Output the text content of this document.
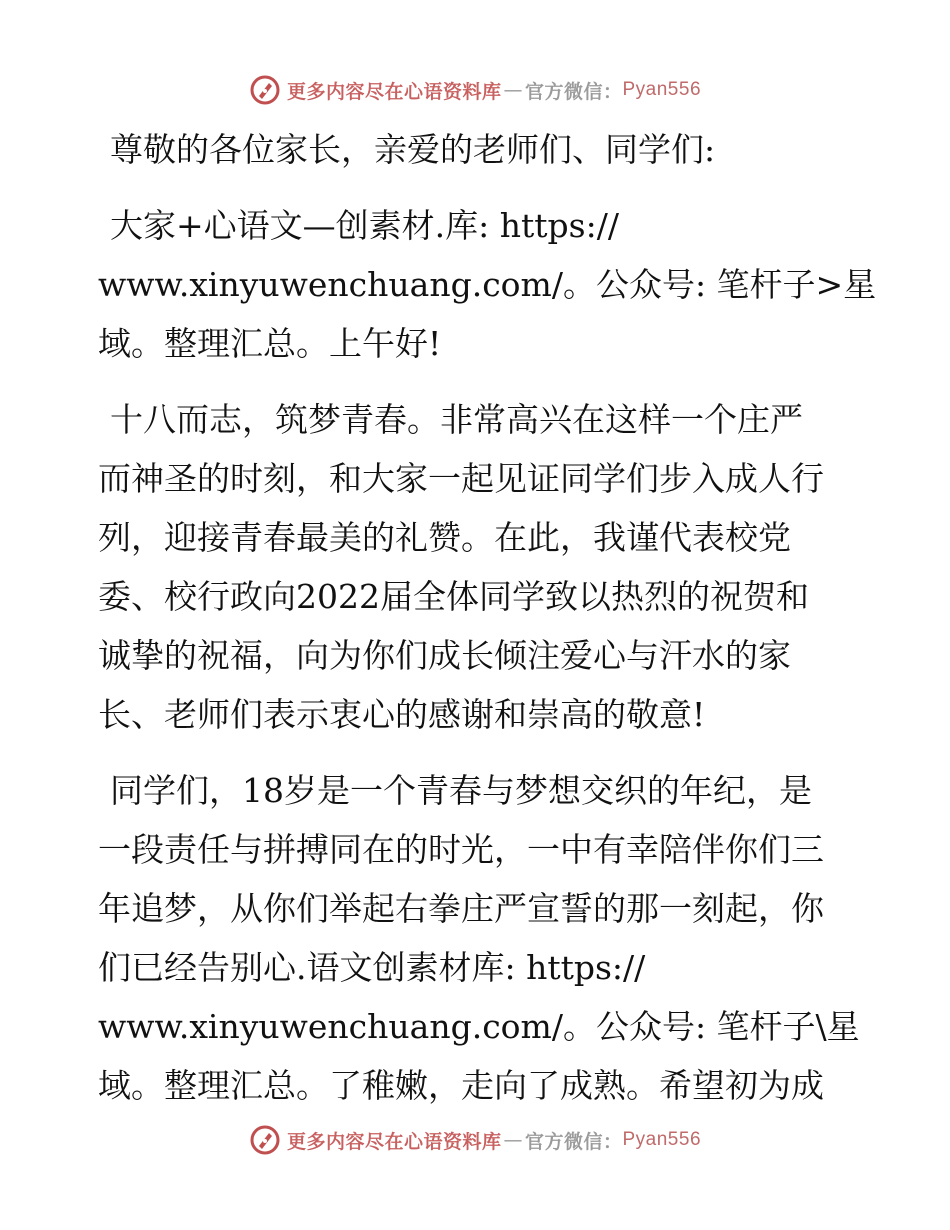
更多内容尽在心语资料库 — 官方微信： Pyan556
尊敬的各位家长，亲爱的老师们、同学们:
大家+心语文—创素材.库: https://
www.xinyuwenchuang.com/。公众号: 笔杆子>星
域。整理汇总。上午好!
十八而志，筑梦青春。非常高兴在这样一个庄严
而神圣的时刻，和大家一起见证同学们步入成人行
列，迎接青春最美的礼赞。在此，我谨代表校党
委、校行政向2022届全体同学致以热烈的祝贺和
诚挚的祝福，向为你们成长倾注爱心与汗水的家
长、老师们表示衷心的感谢和崇高的敬意!
同学们，18岁是一个青春与梦想交织的年纪，是
一段责任与拼搏同在的时光，一中有幸陪伴你们三
年追梦，从你们举起右拳庄严宣誓的那一刻起，你
们已经告别心.语文创素材库: https://
www.xinyuwenchuang.com/。公众号: 笔杆子\星
域。整理汇总。了稚嫩，走向了成熟。希望初为成
更多内容尽在心语资料库 — 官方微信： Pyan556
